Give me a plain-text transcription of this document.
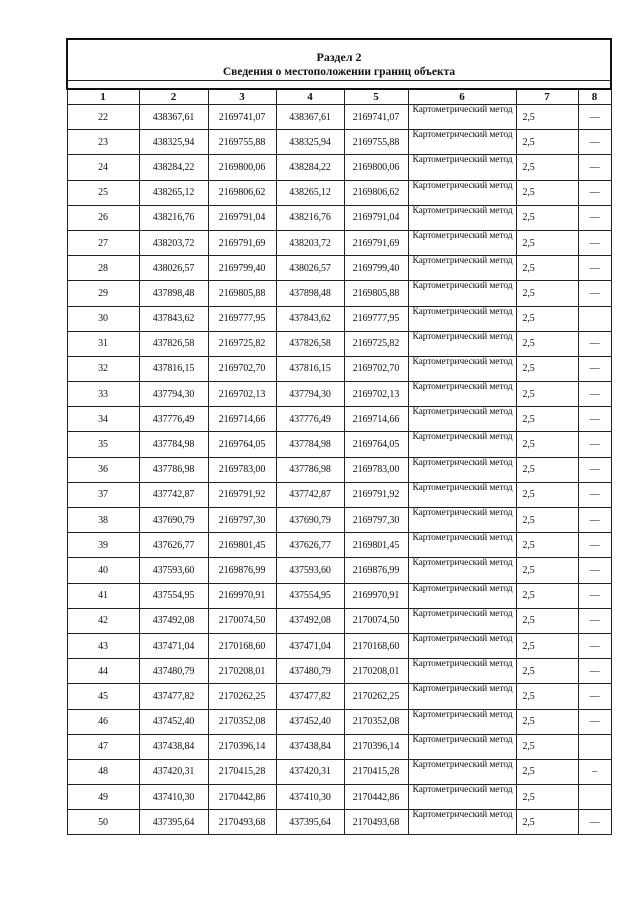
Раздел 2
Сведения о местоположении границ объекта							

1	2	3	4	5	6	7	8
22	438367,61	2169741,07	438367,61	2169741,07	Картометрический метод	2,5	—
23	438325,94	2169755,88	438325,94	2169755,88	Картометрический метод	2,5	—
24	438284,22	2169800,06	438284,22	2169800,06	Картометрический метод	2,5	—
25	438265,12	2169806,62	438265,12	2169806,62	Картометрический метод	2,5	—
26	438216,76	2169791,04	438216,76	2169791,04	Картометрический метод	2,5	—
27	438203,72	2169791,69	438203,72	2169791,69	Картометрический метод	2,5	—
28	438026,57	2169799,40	438026,57	2169799,40	Картометрический метод	2,5	—
29	437898,48	2169805,88	437898,48	2169805,88	Картометрический метод	2,5	—
30	437843,62	2169777,95	437843,62	2169777,95	Картометрический метод	2,5	
31	437826,58	2169725,82	437826,58	2169725,82	Картометрический метод	2,5	—
32	437816,15	2169702,70	437816,15	2169702,70	Картометрический метод	2,5	—
33	437794,30	2169702,13	437794,30	2169702,13	Картометрический метод	2,5	—
34	437776,49	2169714,66	437776,49	2169714,66	Картометрический метод	2,5	—
35	437784,98	2169764,05	437784,98	2169764,05	Картометрический метод	2,5	—
36	437786,98	2169783,00	437786,98	2169783,00	Картометрический метод	2,5	—
37	437742,87	2169791,92	437742,87	2169791,92	Картометрический метод	2,5	—
38	437690,79	2169797,30	437690,79	2169797,30	Картометрический метод	2,5	—
39	437626,77	2169801,45	437626,77	2169801,45	Картометрический метод	2,5	—
40	437593,60	2169876,99	437593,60	2169876,99	Картометрический метод	2,5	—
41	437554,95	2169970,91	437554,95	2169970,91	Картометрический метод	2,5	—
42	437492,08	2170074,50	437492,08	2170074,50	Картометрический метод	2,5	—
43	437471,04	2170168,60	437471,04	2170168,60	Картометрический метод	2,5	—
44	437480,79	2170208,01	437480,79	2170208,01	Картометрический метод	2,5	—
45	437477,82	2170262,25	437477,82	2170262,25	Картометрический метод	2,5	—
46	437452,40	2170352,08	437452,40	2170352,08	Картометрический метод	2,5	—
47	437438,84	2170396,14	437438,84	2170396,14	Картометрический метод	2,5	
48	437420,31	2170415,28	437420,31	2170415,28	Картометрический метод	2,5	–
49	437410,30	2170442,86	437410,30	2170442,86	Картометрический метод	2,5	
50	437395,64	2170493,68	437395,64	2170493,68	Картометрический метод	2,5	—
